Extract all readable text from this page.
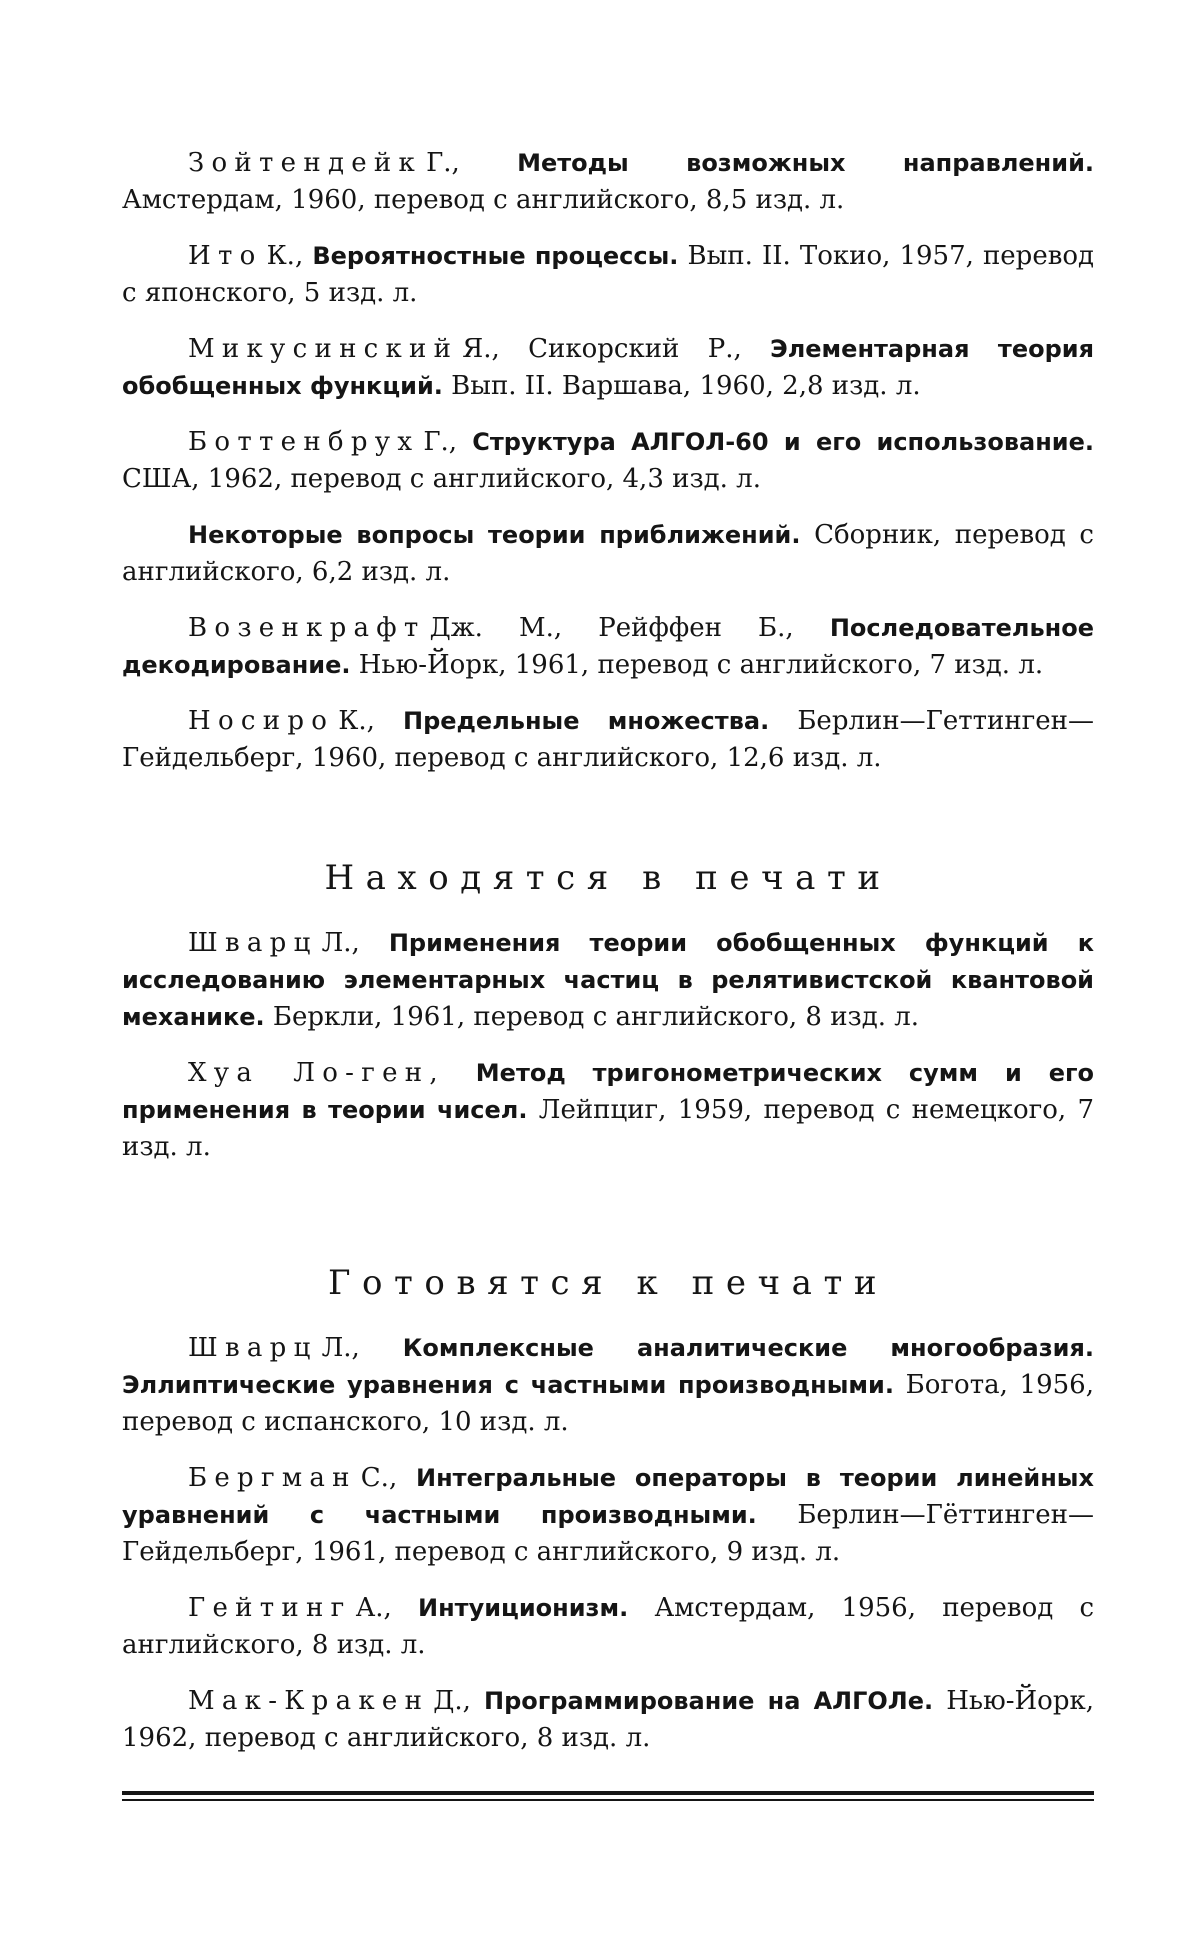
Зойтендейк Г., Методы возможных направлений. Амстердам, 1960, перевод с английского, 8,5 изд. л.

Ито К., Вероятностные процессы. Вып. II. Токио, 1957, перевод с японского, 5 изд. л.

Микусинский Я., Сикорский Р., Элементарная теория обобщенных функций. Вып. II. Варшава, 1960, 2,8 изд. л.

Боттенбрух Г., Структура АЛГОЛ-60 и его использование. США, 1962, перевод с английского, 4,3 изд. л.

Некоторые вопросы теории приближений. Сборник, перевод с английского, 6,2 изд. л.

Возенкрафт Дж. М., Рейффен Б., Последовательное декодирование. Нью-Йорк, 1961, перевод с английского, 7 изд. л.

Носиро К., Предельные множества. Берлин—Геттинген—Гейдельберг, 1960, перевод с английского, 12,6 изд. л.

Находятся в печати

Шварц Л., Применения теории обобщенных функций к исследованию элементарных частиц в релятивистской квантовой механике. Беркли, 1961, перевод с английского, 8 изд. л.

Хуа Ло-ген, Метод тригонометрических сумм и его применения в теории чисел. Лейпциг, 1959, перевод с немецкого, 7 изд. л.

Готовятся к печати

Шварц Л., Комплексные аналитические многообразия. Эллиптические уравнения с частными производными. Богота, 1956, перевод с испанского, 10 изд. л.

Бергман С., Интегральные операторы в теории линейных уравнений с частными производными. Берлин—Гёттинген—Гейдельберг, 1961, перевод с английского, 9 изд. л.

Гейтинг А., Интуиционизм. Амстердам, 1956, перевод с английского, 8 изд. л.

Мак-Кракен Д., Программирование на АЛГОЛе. Нью-Йорк, 1962, перевод с английского, 8 изд. л.
